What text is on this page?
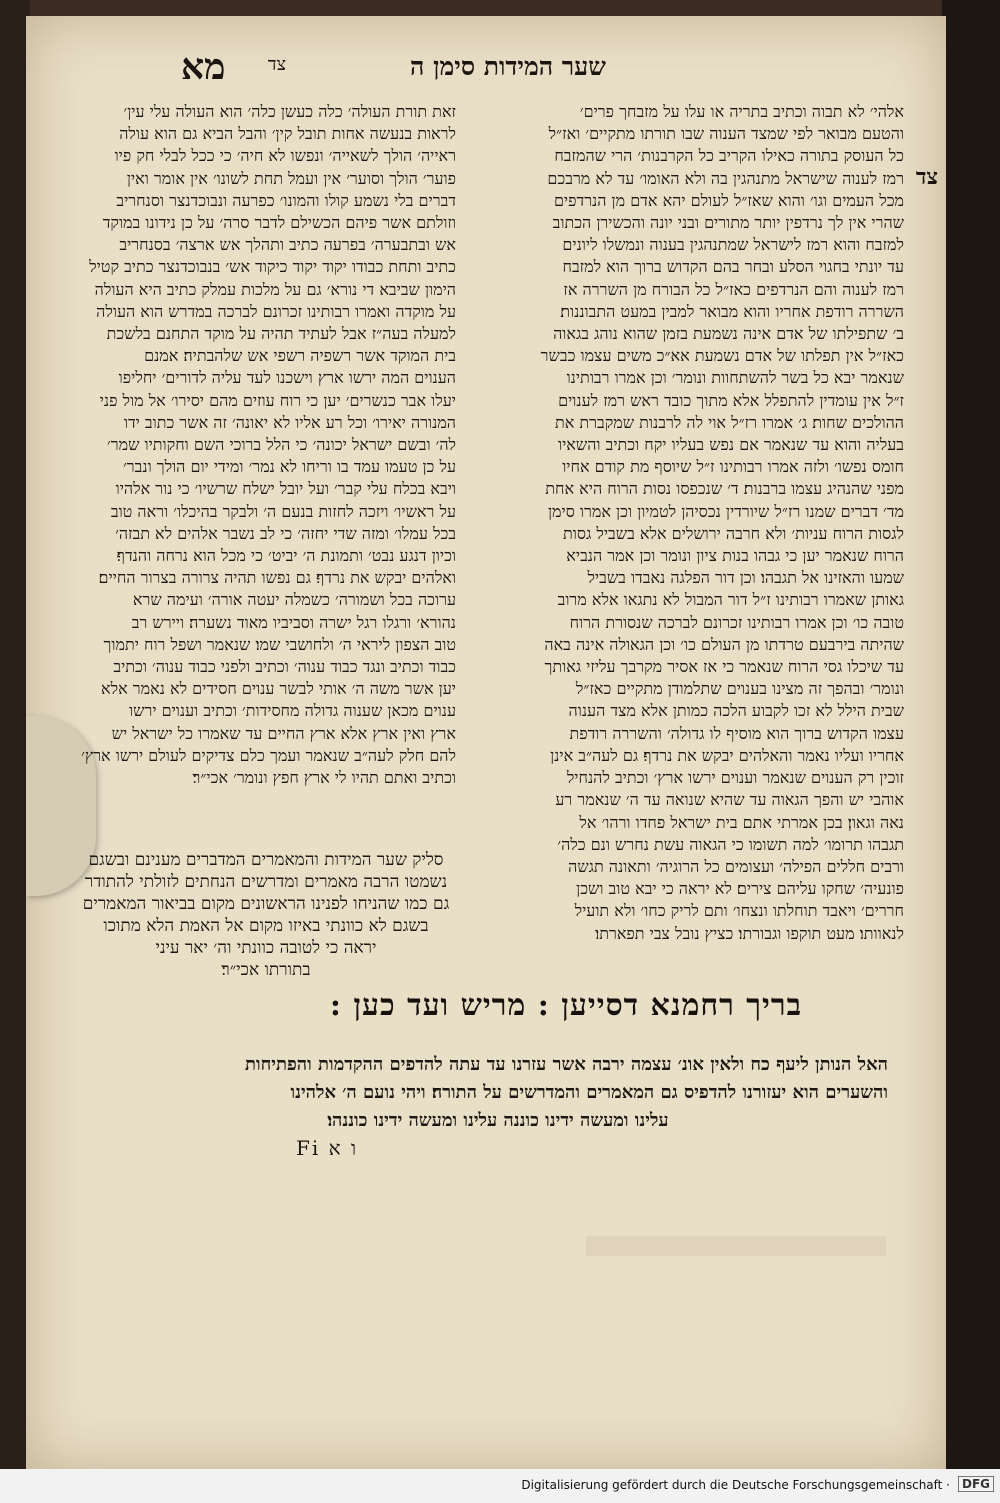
שער המידות סימן ה
צד
מא
צד

אלהי׳ לא תבוה וכתיב בתריה או עלו על מזבחך פרים׳

והטעם מבואר לפי שמצד הענוה שבו תורתו מתקיים׳ ואז״ל

כל העוסק בתורה כאילו הקריב כל הקרבנות׳ הרי שהמזבח

רמז לענוה שישראל מתנהגין בה ולא האומו׳ עד לא מרבכם

מכל העמים וגו׳ והוא שאז״ל לעולם יהא אדם מן הנרדפים

שהרי אין לך נרדפין יותר מתורים ובני יונה והכשירן הכתוב

למזבח והוא רמז לישראל שמתנהגין בענוה ונמשלו ליונים

עד יונתי בחגוי הסלע ובחר בהם הקדוש ברוך הוא למזבח

רמז לענוה והם הנרדפים כאז״ל כל הבורח מן השררה אז

השררה רודפת אחריו והוא מבואר למבין במעט התבוננות׃

ב׳ שתפילתו של אדם אינה נשמעת בזמן שהוא נוהג בגאוה

כאז״ל אין תפלתו של אדם נשמעת אא״כ משים עצמו כבשר

שנאמר יבא כל בשר להשתחוות ונומר׳ וכן אמרו רבותינו

ז״ל אין עומדין להתפלל אלא מתוך כובד ראש רמז לענוים

ההולכים שחות׃ ג׳ אמרו רז״ל אוי לה לרבנות שמקברת את

בעליה והוא עד שנאמר אם נפש בעליו יקח וכתיב והשאיו

חומס נפשו׳ ולזה אמרו רבותינו ז״ל שיוסף מת קודם אחיו

מפני שהנהיג עצמו ברבנות׃ ד׳ שנכפסו נסות הרוח היא אחת

מד׳ דברים שמנו רז״ל שיורדין נכסיהן לטמיון וכן אמרו סימן

לגסות הרוח עניות׳ ולא חרבה ירושלים אלא בשביל גסות

הרוח שנאמר יען כי גבהו בנות ציון ונומר וכן אמר הנביא

שמעו והאזינו אל תגבהו׃ וכן דור הפלגה נאבדו בשביל

גאותן שאמרו רבותינו ז״ל דור המבול לא נתגאו אלא מרוב

טובה כו׳ וכן אמרו רבותינו זכרונם לברכה שנסורת הרוח

שהיתה בירבעם טרדתו מן העולם כו׳ וכן הגאולה אינה באה

עד שיכלו גסי הרוח שנאמר כי אז אסיר מקרבך עליזי גאותך

ונומר׳ ובהפך זה מצינו בענוים שתלמודן מתקיים כאז״ל

שבית הילל לא זכו לקבוע הלכה כמותן אלא מצד הענוה

עצמו הקדוש ברוך הוא מוסיף לו גדולה׳ והשררה רודפת

אחריו ועליו נאמר והאלהים יבקש את נרדף׃ גם לעה״ב אינן

זוכין רק הענוים שנאמר וענוים ירשו ארץ׳ וכתיב להנחיל

אוהבי יש והפך הגאוה עד שהיא שנואה עד ה׳ שנאמר רע

נאה וגאון׃ בכן אמרתי אתם בית ישראל פחדו ורהו׳ אל

תגבהו תרומו׳ למה תשומו כי הגאוה עשת נחרש ונם כלה׳

ורבים חללים הפילה׳ ועצומים כל הרוגיה׳ ותאונה תגשה

פונעיה׳ שחקו עליהם צירים׃ לא יראה כי יבא טוב ושכן

חררים׳ ויאבד תוחלתו ונצחו׳ ותם לריק כחו׳ ולא תועיל

לנאוותו׃ מעט תוקפו וגבורתו׃ כציץ נובל צבי תפארתו׃

זאת תורת העולה׳ כלה כעשן כלה׳ הוא העולה עלי עין׳

לראות בנעשה אחות תובל קין׳ והבל הביא גם הוא עולה

ראייה׳ הולך לשאייה׳ ונפשו לא חיה׳ כי ככל לבלי חק פיו

פוער׳ הולך וסוער׳ אין ועמל תחת לשונו׳ אין אומר ואין

דברים בלי נשמע קולו והמונו׳ כפרעה ונבוכדנצר וסנחריב

וזולתם אשר פיהם הכשילם לדבר סרה׳ על כן נידונו במוקד

אש ובתבערה׳ בפרעה כתיב ותהלך אש ארצה׳ בסנחריב

כתיב ותחת כבודו יקוד יקוד כיקוד אש׳ בנבוכדנצר כתיב קטיל

הימון שביבא די נורא׳ גם על מלכות עמלק כתיב היא העולה

על מוקדה ואמרו רבותינו זכרונם לברכה במדרש הוא העולה

למעלה בעה״ז אבל לעתיד תהיה על מוקד התחנם בלשכת

בית המוקד אשר רשפיה רשפי אש שלהבתיה׃ אמנם

הענוים המה ירשו ארץ וישכנו לעד עליה לדורים׳ יחליפו

יעלו אבר כנשרים׳ יען כי רוח עוזים מהם יסירו׳ אל מול פני

המנורה יאירו׳ וכל רע אליו לא יאונה׳ זה אשר כתוב ידו

לה׳ ובשם ישראל יכונה׳ כי הלל ברוכי השם וחקותיו שמר׳

על כן טעמו עמד בו וריחו לא נמר׳ ומידי יום הולך ונבר׳

ויבא בכלח עלי קבר׳ ועל יובל ישלח שרשיו׳ כי נור אלהיו

על ראשיו׳ ויזכה לחזות בנעם ה׳ ולבקר בהיכלו׳ וראה טוב

בכל עמלו׳ ומזה שדי יחזה׳ כי לב נשבר אלהים לא תבזה׳

וכיון דנגע נבט׳ ותמונת ה׳ יביט׳ כי מכל הוא נרחה והנדף׃

ואלהים יבקש את נרדף׃ גם נפשו תהיה צרורה בצרור החיים׃

ערוכה בכל ושמורה׳ כשמלה יעטה אורה׳ ועימה שרא

נהורא׳ ורגלו רגל ישרה וסביביו מאוד נשערה׃ ויירש רב

טוב הצפון ליראי ה׳ ולחושבי שמו׃ שנאמר ושפל רוח יתמוך

כבוד וכתיב ונגד כבוד ענוה׳ וכתיב ולפני כבוד ענוה׳ וכתיב

יען אשר משה ה׳ אותי לבשר ענוים חסידים לא נאמר אלא

ענוים מכאן שענוה גדולה מחסידות׳ וכתיב וענוים ירשו

ארץ ואין ארץ אלא ארץ החיים עד שאמרו כל ישראל יש

להם חלק לעה״ב שנאמר ועמך כלם צדיקים לעולם ירשו ארץ׳

וכתיב ואתם תהיו לי ארץ חפץ ונומר׳ אכי״ר׃

סליק שער המידות והמאמרים המדברים מענינם ובשגם

נשמטו הרבה מאמרים ומדרשים הנחתים לזולתי להתודר

גם כמו שהניחו לפנינו הראשונים מקום בביאור המאמרים

בשגם לא כוונתי באיזו מקום אל האמת הלא מתוכו

יראה כי לטובה כוונתי וה׳ יאר עיני

בתורתו אכי״ר׃

בריך רחמנא דסייען : מריש ועד כען :

האל הנותן ליעף כח ולאין אונ׳ עצמה ירבה אשר עזרנו עד עתה להדפים ההקדמות והפתיחות

והשערים הוא יעזורנו להדפיס גם המאמרים והמדרשים על התורה׃ ויהי נועם ה׳ אלהינו

עלינו ומעשה ידינו כוננה עלינו ומעשה ידינו כוננהו׃

Fi ו א
Digitalisierung gefördert durch die Deutsche Forschungsgemeinschaft · DFG
